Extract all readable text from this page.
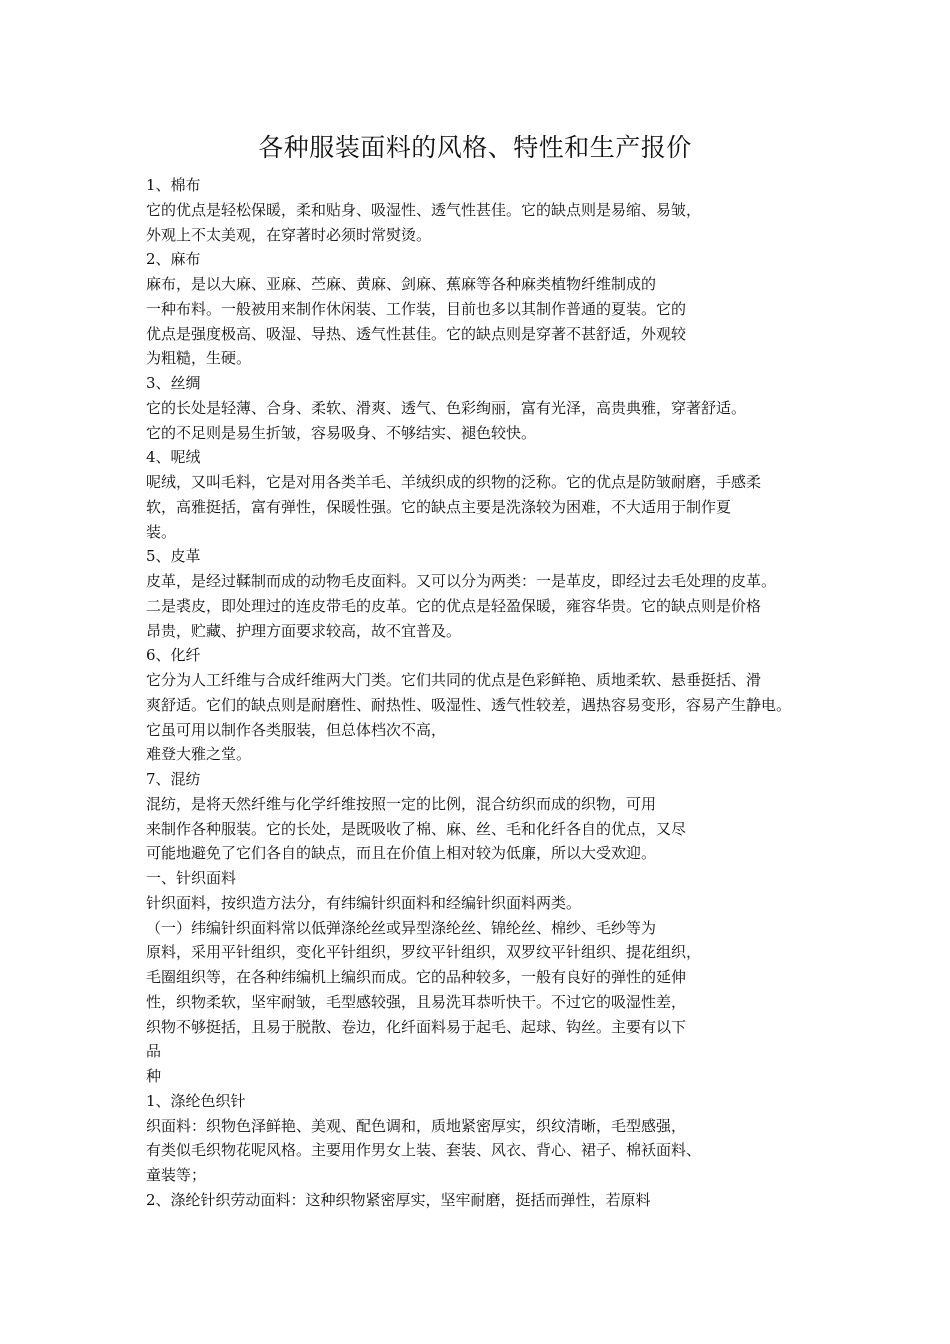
各种服装面料的风格、特性和生产报价

1、棉布

它的优点是轻松保暖，柔和贴身、吸湿性、透气性甚佳。它的缺点则是易缩、易皱，

外观上不太美观，在穿著时必须时常熨烫。

2、麻布

麻布，是以大麻、亚麻、苎麻、黄麻、剑麻、蕉麻等各种麻类植物纤维制成的

一种布料。一般被用来制作休闲装、工作装，目前也多以其制作普通的夏装。它的

优点是强度极高、吸湿、导热、透气性甚佳。它的缺点则是穿著不甚舒适，外观较

为粗糙，生硬。

3、丝绸

它的长处是轻薄、合身、柔软、滑爽、透气、色彩绚丽，富有光泽，高贵典雅，穿著舒适。

它的不足则是易生折皱，容易吸身、不够结实、褪色较快。

4、呢绒

呢绒，又叫毛料，它是对用各类羊毛、羊绒织成的织物的泛称。它的优点是防皱耐磨，手感柔

软，高雅挺括，富有弹性，保暖性强。它的缺点主要是洗涤较为困难，不大适用于制作夏

装。

5、皮革

皮革，是经过鞣制而成的动物毛皮面料。又可以分为两类：一是革皮，即经过去毛处理的皮革。

二是裘皮，即处理过的连皮带毛的皮革。它的优点是轻盈保暖，雍容华贵。它的缺点则是价格

昂贵，贮藏、护理方面要求较高，故不宜普及。

6、化纤

它分为人工纤维与合成纤维两大门类。它们共同的优点是色彩鲜艳、质地柔软、悬垂挺括、滑

爽舒适。它们的缺点则是耐磨性、耐热性、吸湿性、透气性较差，遇热容易变形，容易产生静电。

它虽可用以制作各类服装，但总体档次不高，

难登大雅之堂。

7、混纺

混纺，是将天然纤维与化学纤维按照一定的比例，混合纺织而成的织物，可用

来制作各种服装。它的长处，是既吸收了棉、麻、丝、毛和化纤各自的优点，又尽

可能地避免了它们各自的缺点，而且在价值上相对较为低廉，所以大受欢迎。

一、针织面料

针织面料，按织造方法分，有纬编针织面料和经编针织面料两类。

（一）纬编针织面料常以低弹涤纶丝或异型涤纶丝、锦纶丝、棉纱、毛纱等为

原料，采用平针组织，变化平针组织，罗纹平针组织，双罗纹平针组织、提花组织，

毛圈组织等，在各种纬编机上编织而成。它的品种较多，一般有良好的弹性的延伸

性，织物柔软，坚牢耐皱，毛型感较强，且易洗耳恭听快干。不过它的吸湿性差，

织物不够挺括，且易于脱散、卷边，化纤面料易于起毛、起球、钩丝。主要有以下

品

种

1、涤纶色织针

织面料：织物色泽鲜艳、美观、配色调和，质地紧密厚实，织纹清晰，毛型感强，

有类似毛织物花呢风格。主要用作男女上装、套装、风衣、背心、裙子、棉袄面料、

童装等；

2、涤纶针织劳动面料：这种织物紧密厚实，坚牢耐磨，挺括而弹性，若原料
